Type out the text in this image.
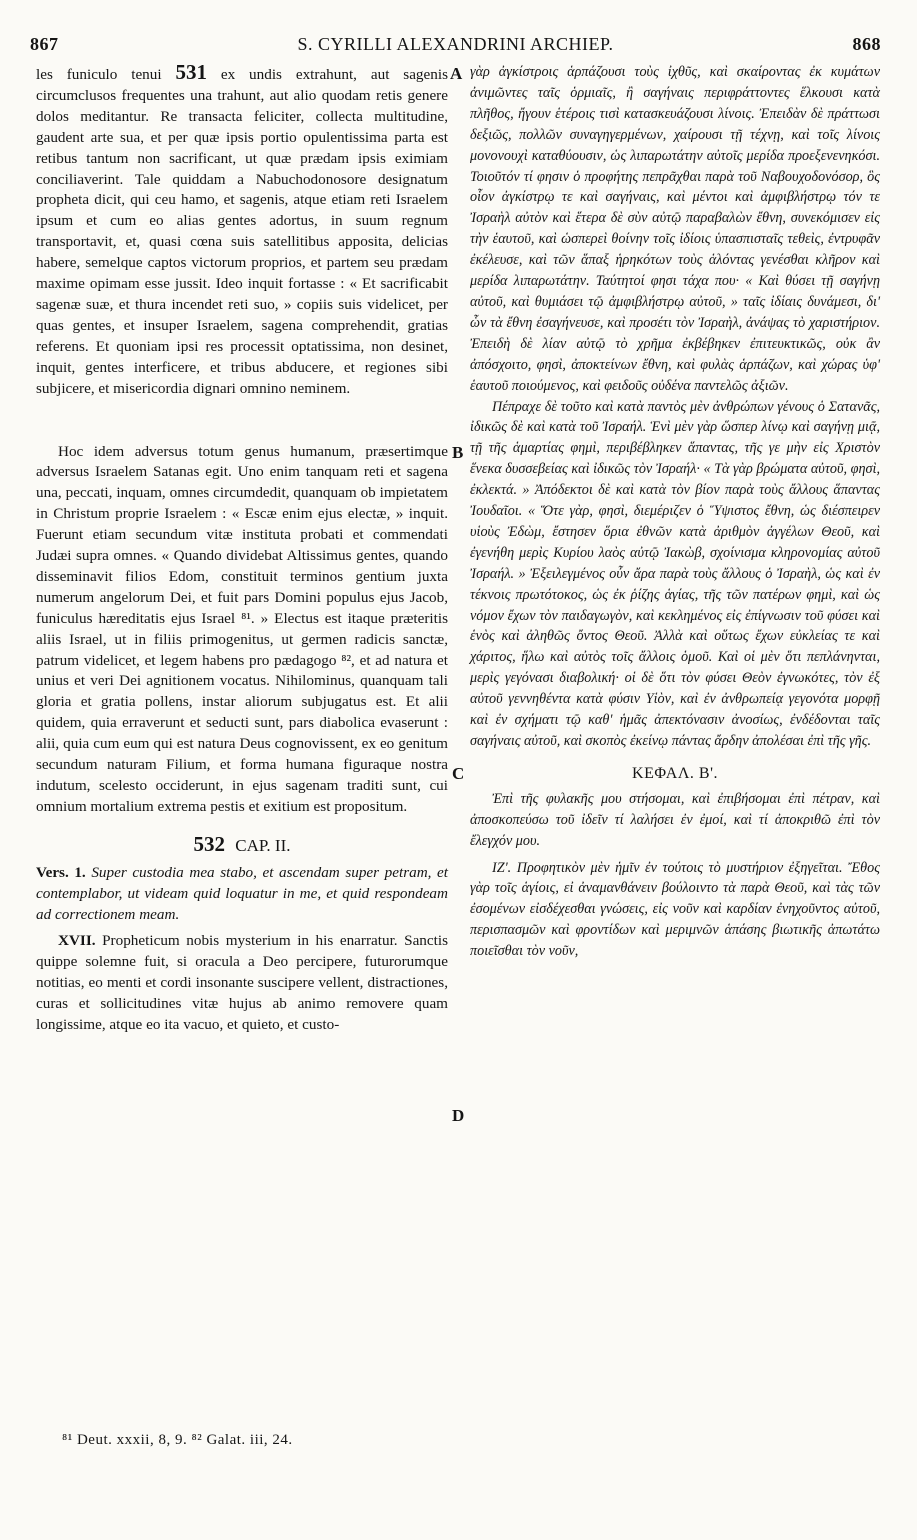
867	S. CYRILLI ALEXANDRINI ARCHIEP.	868

les funiculo tenui 531 ex undis extrahunt, aut sagenis circumclusos frequentes una trahunt, aut alio quodam retis genere dolos meditantur. Re transacta feliciter, collecta multitudine, gaudent arte sua, et per quæ ipsis portio opulentissima parta est retibus tantum non sacrificant, ut quæ prædam ipsis eximiam conciliaverint. Tale quiddam a Nabuchodonosore designatum propheta dicit, qui ceu hamo, et sagenis, atque etiam reti Israelem ipsum et cum eo alias gentes adortus, in suum regnum transportavit, et, quasi cœna suis satellitibus apposita, delicias habere, semelque captos victorum proprios, et partem seu prædam maxime opimam esse jussit. Ideo inquit fortasse : « Et sacrificabit sagenæ suæ, et thura incendet reti suo, » copiis suis videlicet, per quas gentes, et insuper Israelem, sagena comprehendit, gratias referens. Et quoniam ipsi res processit optatissima, non desinet, inquit, gentes interficere, et tribus abducere, et regiones sibi subjicere, et misericordia dignari omnino neminem.

Hoc idem adversus totum genus humanum, præsertimque adversus Israelem Satanas egit. Uno enim tanquam reti et sagena una, peccati, inquam, omnes circumdedit, quanquam ob impietatem in Christum proprie Israelem : « Escæ enim ejus electæ, » inquit. Fuerunt etiam secundum vitæ instituta probati et commendati Judæi supra omnes. « Quando dividebat Altissimus gentes, quando disseminavit filios Edom, constituit terminos gentium juxta numerum angelorum Dei, et fuit pars Domini populus ejus Jacob, funiculus hæreditatis ejus Israel ⁸¹. » Electus est itaque præteritis aliis Israel, ut in filiis primogenitus, ut germen radicis sanctæ, patrum videlicet, et legem habens pro pædagogo ⁸², et ad natura et unius et veri Dei agnitionem vocatus. Nihilominus, quanquam tali gloria et gratia pollens, instar aliorum subjugatus est. Et alii quidem, quia erraverunt et seducti sunt, pars diabolica evaserunt : alii, quia cum eum qui est natura Deus cognovissent, ex eo genitum secundum naturam Filium, et forma humana figuraque nostra indutum, scelesto occiderunt, in ejus sagenam traditi sunt, cui omnium mortalium extrema pestis et exitium est propositum.

532 CAP. II.

Vers. 1. Super custodia mea stabo, et ascendam super petram, et contemplabor, ut videam quid loquatur in me, et quid respondeam ad correctionem meam.

XVII. Propheticum nobis mysterium in his enarratur. Sanctis quippe solemne fuit, si oracula a Deo percipere, futurorumque notitias, eo menti et cordi insonante suscipere vellent, distractiones, curas et sollicitudines vitæ hujus ab animo removere quam longissime, atque eo ita vacuo, et quieto, et custo-

γὰρ ἀγκίστροις ἁρπάζουσι τοὺς ἰχθῦς, καὶ σκαίροντας ἐκ κυμάτων ἀνιμῶντες ταῖς ὁρμιαῖς, ἢ σαγήναις περιφράττοντες ἕλκουσι κατὰ πλῆθος, ἤγουν ἑτέροις τισὶ κατασκευάζουσι λίνοις. Ἐπειδὰν δὲ πράττωσι δεξιῶς, πολλῶν συναγηγερμένων, χαίρουσι τῇ τέχνῃ, καὶ τοῖς λίνοις μονονουχὶ καταθύουσιν, ὡς λιπαρωτάτην αὐτοῖς μερίδα προεξενενηκόσι. Τοιοῦτόν τί φησιν ὁ προφήτης πεπρᾶχθαι παρὰ τοῦ Ναβουχοδονόσορ, ὃς οἷον ἀγκίστρῳ τε καὶ σαγήναις, καὶ μέντοι καὶ ἀμφιβλήστρῳ τόν τε Ἰσραὴλ αὐτὸν καὶ ἕτερα δὲ σὺν αὐτῷ παραβαλὼν ἔθνη, συνεκόμισεν εἰς τὴν ἑαυτοῦ, καὶ ὡσπερεὶ θοίνην τοῖς ἰδίοις ὑπασπισταῖς τεθεὶς, ἐντρυφᾶν ἐκέλευσε, καὶ τῶν ἅπαξ ἡρηκότων τοὺς ἁλόντας γενέσθαι κλῆρον καὶ μερίδα λιπαρωτάτην. Ταύτητοί φησι τάχα που· « Καὶ θύσει τῇ σαγήνῃ αὐτοῦ, καὶ θυμιάσει τῷ ἀμφιβλήστρῳ αὐτοῦ, » ταῖς ἰδίαις δυνάμεσι, δι' ὧν τὰ ἔθνη ἐσαγήνευσε, καὶ προσέτι τὸν Ἰσραὴλ, ἀνάψας τὸ χαριστήριον. Ἐπειδὴ δὲ λίαν αὐτῷ τὸ χρῆμα ἐκβέβηκεν ἐπιτευκτικῶς, οὐκ ἂν ἀπόσχοιτο, φησὶ, ἀποκτείνων ἔθνη, καὶ φυλὰς ἁρπάζων, καὶ χώρας ὑφ' ἑαυτοῦ ποιούμενος, καὶ φειδοῦς οὐδένα παντελῶς ἀξιῶν.

Πέπραχε δὲ τοῦτο καὶ κατὰ παντὸς μὲν ἀνθρώπων γένους ὁ Σατανᾶς, ἰδικῶς δὲ καὶ κατὰ τοῦ Ἰσραήλ. Ἑνὶ μὲν γὰρ ὥσπερ λίνῳ καὶ σαγήνῃ μιᾷ, τῇ τῆς ἁμαρτίας φημὶ, περιβέβληκεν ἅπαντας, τῆς γε μὴν εἰς Χριστὸν ἕνεκα δυσσεβείας καὶ ἰδικῶς τὸν Ἰσραήλ· « Τὰ γὰρ βρώματα αὐτοῦ, φησὶ, ἐκλεκτά. » Ἀπόδεκτοι δὲ καὶ κατὰ τὸν βίον παρὰ τοὺς ἄλλους ἅπαντας Ἰουδαῖοι. « Ὅτε γὰρ, φησὶ, διεμέριζεν ὁ Ὕψιστος ἔθνη, ὡς διέσπειρεν υἱοὺς Ἐδὼμ, ἔστησεν ὅρια ἐθνῶν κατὰ ἀριθμὸν ἀγγέλων Θεοῦ, καὶ ἐγενήθη μερὶς Κυρίου λαὸς αὐτῷ Ἰακὼβ, σχοίνισμα κληρονομίας αὐτοῦ Ἰσραήλ. » Ἐξειλεγμένος οὖν ἄρα παρὰ τοὺς ἄλλους ὁ Ἰσραὴλ, ὡς καὶ ἐν τέκνοις πρωτότοκος, ὡς ἐκ ῥίζης ἁγίας, τῆς τῶν πατέρων φημὶ, καὶ ὡς νόμον ἔχων τὸν παιδαγωγὸν, καὶ κεκλημένος εἰς ἐπίγνωσιν τοῦ φύσει καὶ ἑνὸς καὶ ἀληθῶς ὄντος Θεοῦ. Ἀλλὰ καὶ οὕτως ἔχων εὐκλείας τε καὶ χάριτος, ἥλω καὶ αὐτὸς τοῖς ἄλλοις ὁμοῦ. Καὶ οἱ μὲν ὅτι πεπλάνηνται, μερὶς γεγόνασι διαβολική· οἱ δὲ ὅτι τὸν φύσει Θεὸν ἐγνωκότες, τὸν ἐξ αὐτοῦ γεννηθέντα κατὰ φύσιν Υἱὸν, καὶ ἐν ἀνθρωπείᾳ γεγονότα μορφῇ καὶ ἐν σχήματι τῷ καθ' ἡμᾶς ἀπεκτόνασιν ἀνοσίως, ἐνδέδονται ταῖς σαγήναις αὐτοῦ, καὶ σκοπὸς ἐκείνῳ πάντας ἄρδην ἀπολέσαι ἐπὶ τῆς γῆς.

ΚΕΦΑΛ. Β'.

Ἐπὶ τῆς φυλακῆς μου στήσομαι, καὶ ἐπιβήσομαι ἐπὶ πέτραν, καὶ ἀποσκοπεύσω τοῦ ἰδεῖν τί λαλήσει ἐν ἐμοί, καὶ τί ἀποκριθῶ ἐπὶ τὸν ἔλεγχόν μου.

ΙΖ'. Προφητικὸν μὲν ἡμῖν ἐν τούτοις τὸ μυστήριον ἐξηγεῖται. Ἔθος γὰρ τοῖς ἁγίοις, εἰ ἀναμανθάνειν βούλοιντο τὰ παρὰ Θεοῦ, καὶ τὰς τῶν ἐσομένων εἰσδέχεσθαι γνώσεις, εἰς νοῦν καὶ καρδίαν ἐνηχοῦντος αὐτοῦ, περισπασμῶν καὶ φροντίδων καὶ μεριμνῶν ἁπάσης βιωτικῆς ἀπωτάτω ποιεῖσθαι τὸν νοῦν,

A
B
C
D
⁸¹ Deut. xxxii, 8, 9. ⁸² Galat. iii, 24.
